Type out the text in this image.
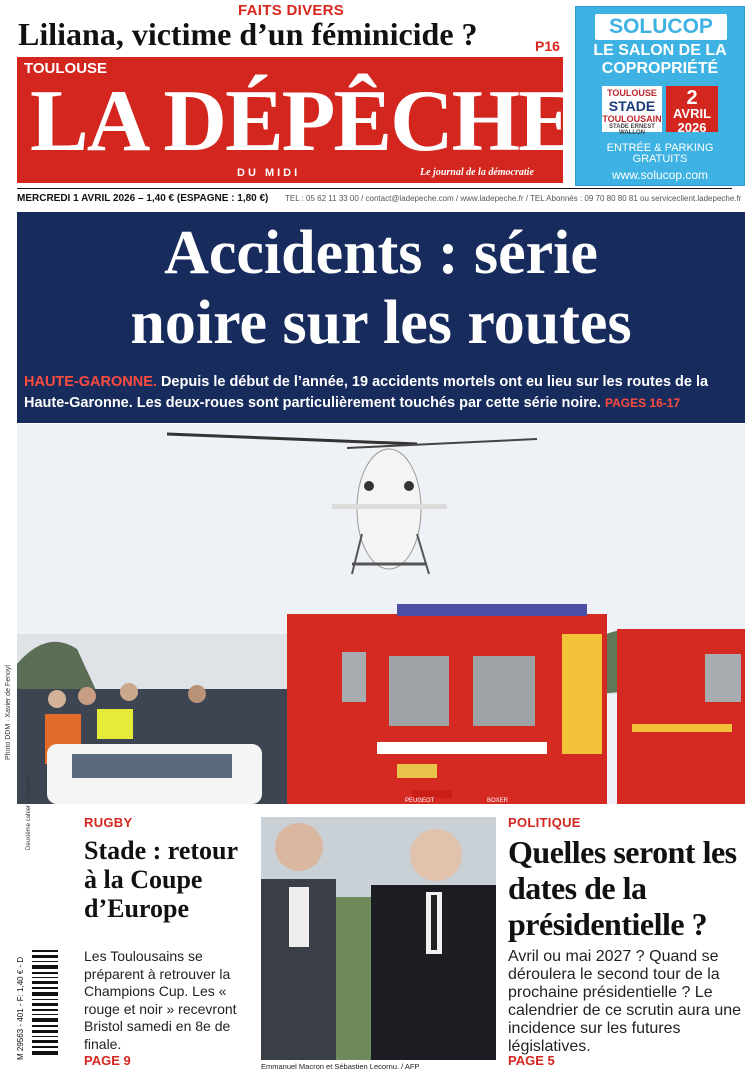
FAITS DIVERS
Liliana, victime d’un féminicide ?	P16
TOULOUSE
LA DÉPÊCHE
DU MIDI	Le journal de la démocratie
SOLUCOP
LE SALON DE LA
COPROPRIÉTÉ
TOULOUSE
STADE
TOULOUSAIN
STADE ERNEST WALLON
2
AVRIL
2026
ENTRÉE & PARKING
GRATUITS
www.solucop.com
MERCREDI 1 AVRIL 2026 – 1,40 € (ESPAGNE : 1,80 €) TEL : 05 62 11 33 00 / contact@ladepeche.com / www.ladepeche.fr / TEL Abonnés : 09 70 80 80 81 ou serviceclient.ladepeche.fr
Accidents : série
noire sur les routes
HAUTE-GARONNE. Depuis le début de l’année, 19 accidents mortels ont eu lieu sur les routes de la Haute-Garonne. Les deux-roues sont particulièrement touchés par cette série noire. PAGES 16-17
PEUGEOT	BOXER
Photo DDM · Xavier de Fenoyl
RUGBY
Stade : retour à la Coupe d’Europe
Les Toulousains se préparent à retrouver la Champions Cup. Les « rouge et noir » recevront Bristol samedi en 8e de finale.
PAGE 9
Deuxième cahier : 16 pages
M 29563 - 401 - F: 1,40 € - D
Emmanuel Macron et Sébastien Lecornu. / AFP
POLITIQUE
Quelles seront les dates de la présidentielle ?
Avril ou mai 2027 ? Quand se déroulera le second tour de la prochaine présidentielle ? Le calendrier de ce scrutin aura une incidence sur les futures législatives.
PAGE 5
